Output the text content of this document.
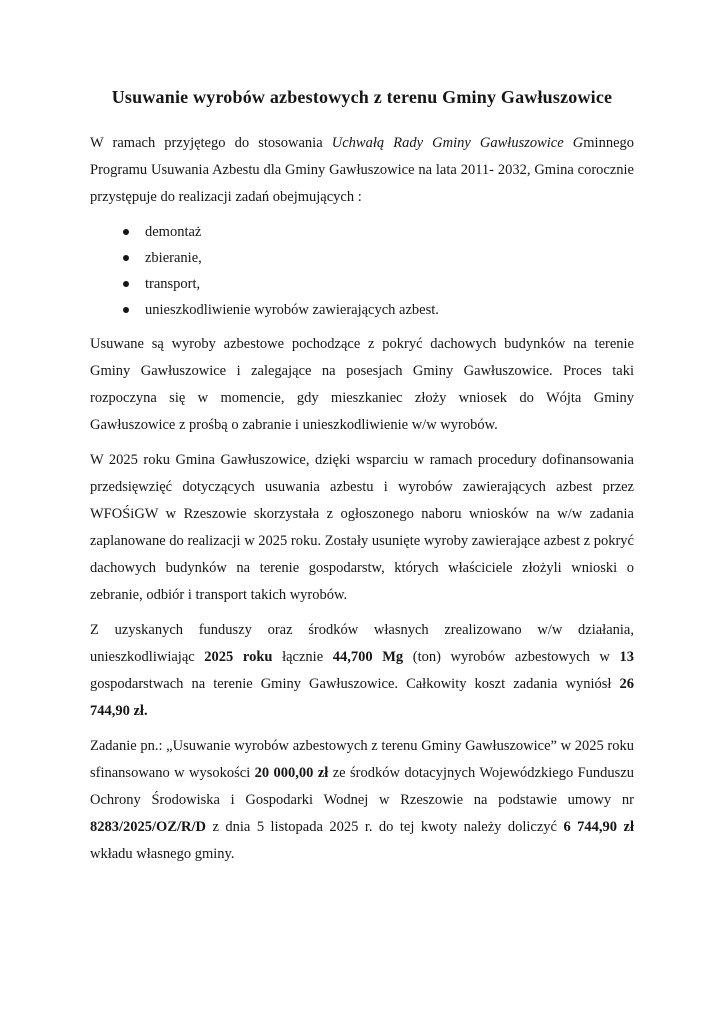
Usuwanie wyrobów azbestowych z terenu Gminy Gawłuszowice

W ramach przyjętego do stosowania Uchwałą Rady Gminy Gawłuszowice Gminnego Programu Usuwania Azbestu dla Gminy Gawłuszowice na lata 2011- 2032, Gmina corocznie przystępuje do realizacji zadań obejmujących :

demontaż
zbieranie,
transport,
unieszkodliwienie wyrobów zawierających azbest.

Usuwane są wyroby azbestowe pochodzące z pokryć dachowych budynków na terenie Gminy Gawłuszowice i zalegające na posesjach Gminy Gawłuszowice. Proces taki rozpoczyna się w momencie, gdy mieszkaniec złoży wniosek do Wójta Gminy Gawłuszowice z prośbą o zabranie i unieszkodliwienie w/w wyrobów.

W 2025 roku Gmina Gawłuszowice, dzięki wsparciu w ramach procedury dofinansowania przedsięwzięć dotyczących usuwania azbestu i wyrobów zawierających azbest przez WFOŚiGW w Rzeszowie skorzystała z ogłoszonego naboru wniosków na w/w zadania zaplanowane do realizacji w 2025 roku. Zostały usunięte wyroby zawierające azbest z pokryć dachowych budynków na terenie gospodarstw, których właściciele złożyli wnioski o zebranie, odbiór i transport takich wyrobów.

Z uzyskanych funduszy oraz środków własnych zrealizowano w/w działania, unieszkodliwiając 2025 roku łącznie 44,700 Mg (ton) wyrobów azbestowych w 13 gospodarstwach na terenie Gminy Gawłuszowice. Całkowity koszt zadania wyniósł 26 744,90 zł.

Zadanie pn.: „Usuwanie wyrobów azbestowych z terenu Gminy Gawłuszowice” w 2025 roku sfinansowano w wysokości 20 000,00 zł ze środków dotacyjnych Wojewódzkiego Funduszu Ochrony Środowiska i Gospodarki Wodnej w Rzeszowie na podstawie umowy nr 8283/2025/OZ/R/D z dnia 5 listopada 2025 r. do tej kwoty należy doliczyć 6 744,90 zł wkładu własnego gminy.
